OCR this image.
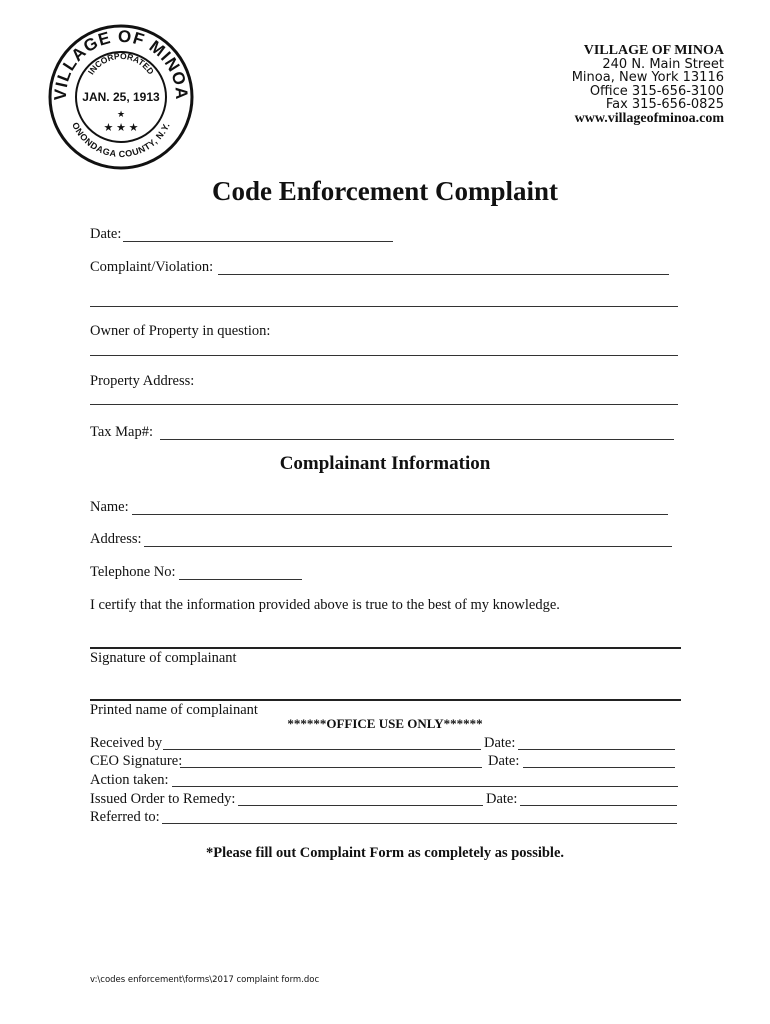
VILLAGE OF MINOA
ONONDAGA COUNTY, N.Y.
INCORPORATED
JAN. 25, 1913
★
★ ★ ★
VILLAGE OF MINOA
240 N. Main Street
Minoa, New York 13116
Office 315-656-3100
Fax 315-656-0825
www.villageofminoa.com
Code Enforcement Complaint
Date:
Complaint/Violation:
Owner of Property in question:
Property Address:
Tax Map#:
Complainant Information
Name:
Address:
Telephone No:
I certify that the information provided above is true to the best of my knowledge.
Signature of complainant
Printed name of complainant
******OFFICE USE ONLY******
Received by	Date:
CEO Signature:	Date:
Action taken:
Issued Order to Remedy:	Date:
Referred to:
*Please fill out Complaint Form as completely as possible.
v:\codes enforcement\forms\2017 complaint form.doc
